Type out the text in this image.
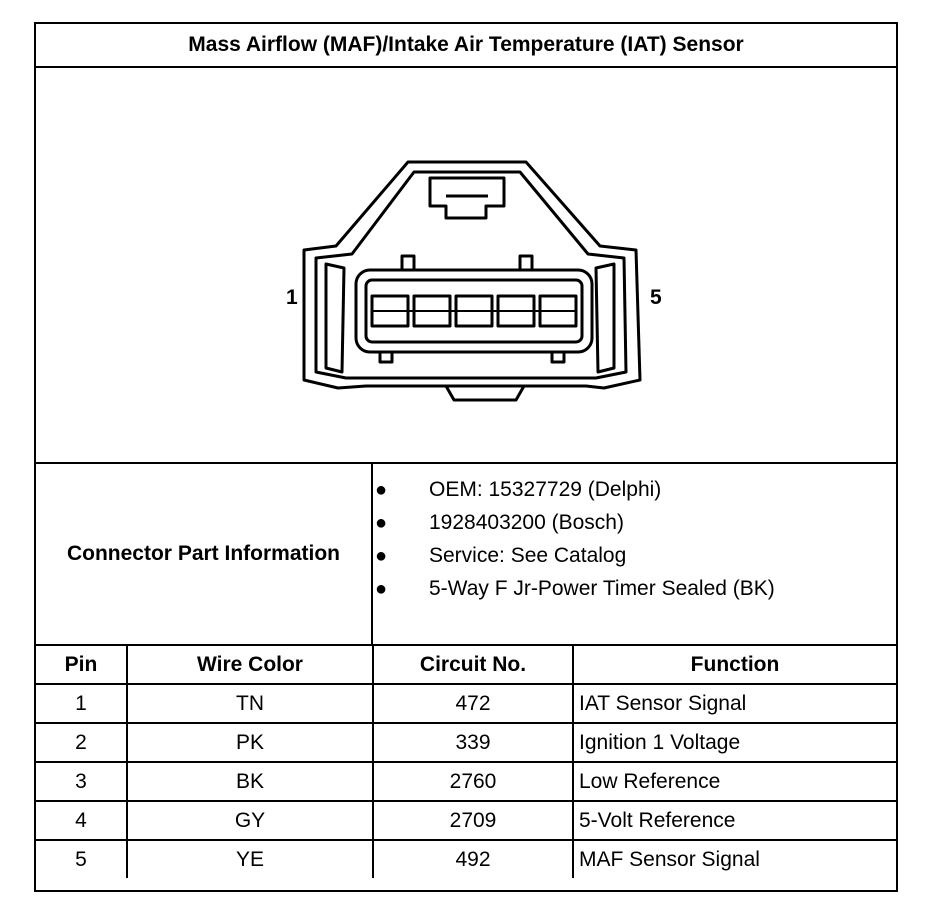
Mass Airflow (MAF)/Intake Air Temperature (IAT) Sensor
1	5
Connector Part Information
● OEM: 15327729 (Delphi)
● 1928403200 (Bosch)
● Service: See Catalog
● 5-Way F Jr-Power Timer Sealed (BK)
Pin	Wire Color	Circuit No.	Function
1	TN	472	IAT Sensor Signal
2	PK	339	Ignition 1 Voltage
3	BK	2760	Low Reference
4	GY	2709	5-Volt Reference
5	YE	492	MAF Sensor Signal
